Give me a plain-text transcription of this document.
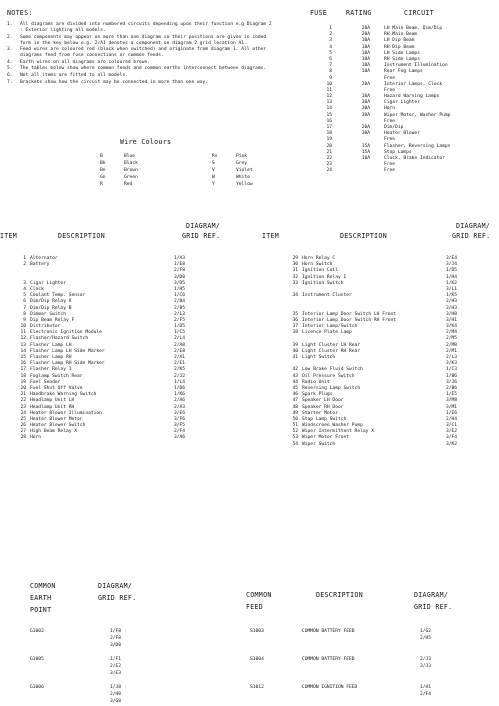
NOTES:
1. All diagrams are divided into numbered circuits depending upon their function e.g Diagram 2 : Exterior lighting all models.
2. Some components may appear on more than one diagram so their positions are given in coded form in the key below e.g. 2/A1 denotes a component on diagram 2 grid location A1.
3. Feed wires are coloured red (black when switched) and originate from diagram 1. All other diagrams feed from fuse connections or common feeds.
4. Earth wires on all diagrams are coloured brown.
5. The tables below show where common feeds and common earths interconnect between diagrams.
6. Not all items are fitted to all models.
7. Brackets show how the circuit may be connected in more than one way.
Wire Colours
B	Blue	Rs	Pink
Bk	Black	S	Grey
Bn	Brown	V	Violet
Gn	Green	W	White
R	Red	Y	Yellow
FUSE	RATING	CIRCUIT
1	20A	LH Main Beam, Dim/Dip
2	20A	RH Main Beam
3	10A	LH Dip Beam
4	10A	RH Dip Beam
5	10A	LH Side Lamps
6	10A	RH Side Lamps
7	10A	Instrument Illumination
8	10A	Rear Fog Lamps
9		Free
10	20A	Interior Lamps, Clock
11		Free
12	10A	Hazard Warning Lamps
13	30A	Cigar Lighter
14	30A	Horn
15	30A	Wiper Motor, Washer Pump
16		Free
17	20A	Dim/Dip
18	30A	Heater Blower
19		Free
20	15A	Flasher, Reversing Lamps
21	15A	Stop Lamps
22	10A	Clock, Brake Indicator
23		Free
24		Free
ITEM	DESCRIPTION
DIAGRAM/
GRID REF.	ITEM	DESCRIPTION
DIAGRAM/
GRID REF.
1	Alternator	1/A3
2	Battery	1/E8
		2/F8
		3/D8
3	Cigar Lighter	3/D5
4	Clock	1/H5
5	Coolant Temp. Sensor	1/C6
6	Dim/Dip Relay Ⅱ	2/B4
7	Dim/Dip Relay B	2/B5
8	Dimmer Switch	2/L3
9	Dip Beam Relay F	2/F5
10	Distributor	1/D5
11	Electronic Ignition Module	1/C5
12	Flasher/Hazard Switch	2/L4
13	Flasher Lamp LH	2/A8
14	Flasher Lamp LH Side Marker	2/E8
15	Flasher Lamp RH	2/A1
16	Flasher Lamp RH Side Marker	2/E1
17	Flasher Relay 1	2/K5
18	Foglamp Switch Rear	2/J2
19	Fuel Sender	1/L4
20	Fuel Shut Off Valve	1/D6
21	Handbrake Warning Switch	1/K6
22	Headlamp Unit LH	2/A6
23	Headlamp Unit RH	2/A3
24	Heater Blower Illumination	3/E6
25	Heater Blower Motor	3/F6
26	Heater Blower Switch	3/F5
27	High Beam Relay X	2/F4
28	Horn	3/A6
29	Horn Relay C	3/E4
30	Horn Switch	3/J4
31	Ignition Coil	1/D5
32	Ignition Relay I	1/H4
33	Ignition Switch	1/K2
		3/L1
34	Instrument Cluster	1/K5
		2/H3
		3/H3
35	Interior Lamp Door Switch LH Front	3/H8
36	Interior Lamp Door Switch RH Front	3/H1
37	Interior Lamp/Switch	3/K4
38	Licence Plate Lamp	2/M4
		2/M5
39	Light Cluster LH Rear	2/M8
40	Light Cluster RH Rear	2/M1
41	Light Switch	2/L3
		3/K3
42	Low Brake Fluid Switch	1/C3
43	Oil Pressure Switch	1/B6
44	Radio Unit	3/J6
45	Reversing Lamp Switch	2/B6
46	Spark Plugs	1/E5
47	Speaker LH Door	3/M8
48	Speaker RH Door	3/M1
49	Starter Motor	1/E6
50	Stop Lamp Switch	2/H4
51	Windscreen Washer Pump	3/C1
52	Wiper Intermittent Relay X	3/E2
53	Wiper Motor Front	3/F4
54	Wiper Switch	3/K2
COMMON
EARTH
POINT
DIAGRAM/
GRID REF.
G1002	1/F8
2/F8
3/D8
G1005	1/F1
2/E2
3/E3
G1006	1/J8
2/H8
3/G8
COMMON
FEED
DESCRIPTION	DIAGRAM/
GRID REF.
S1003	COMMON BATTERY FEED	1/G2
2/H5
S1004	COMMON BATTERY FEED	2/J3
3/J3
S1012	COMMON IGNITION FEED	1/H1
2/F4
